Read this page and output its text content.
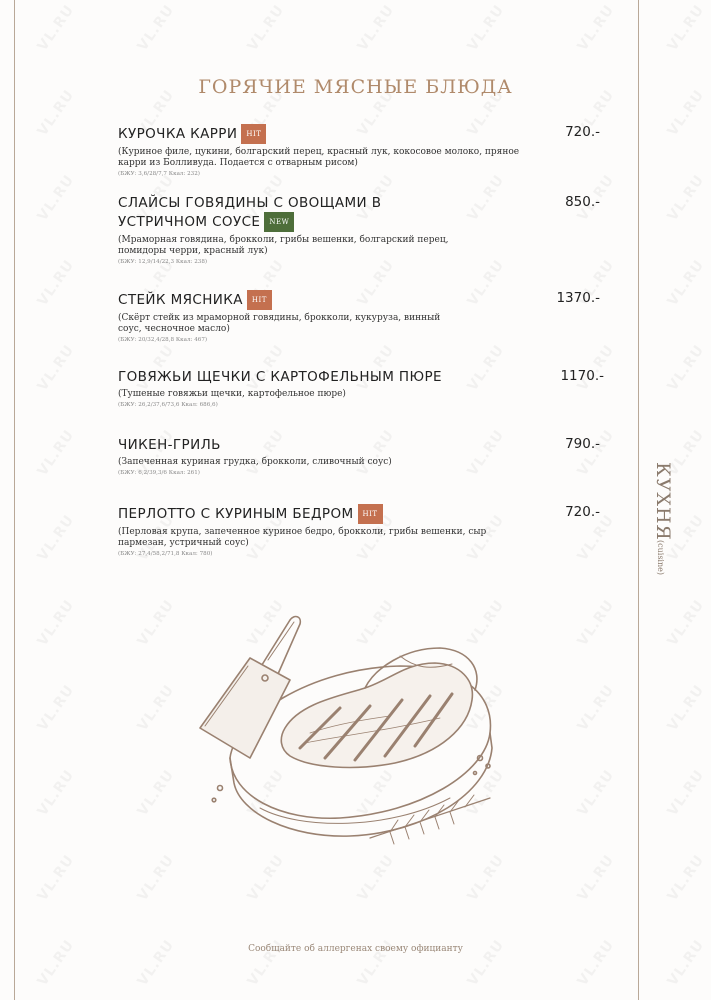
ГОРЯЧИЕ МЯСНЫЕ БЛЮДА
КУРОЧКА КАРРИ HIT	720.-
(Куриное филе, цукини, болгарский перец, красный лук, кокосовое молоко, пряное карри из Болливуда. Подается с отварным рисом)
(БЖУ: 3,6/28/7,7 Ккал: 232)
СЛАЙСЫ ГОВЯДИНЫ С ОВОЩАМИ В УСТРИЧНОМ СОУСЕ NEW
850.-
(Мраморная говядина, брокколи, грибы вешенки, болгарский перец, помидоры черри, красный лук)
(БЖУ: 12,9/14/22,3 Ккал: 238)
СТЕЙК МЯСНИКА HIT	1370.-
(Скёрт стейк из мраморной говядины, брокколи, кукуруза, винный соус, чесночное масло)
(БЖУ: 20/32,4/28,8 Ккал: 467)
ГОВЯЖЬИ ЩЕЧКИ С КАРТОФЕЛЬНЫМ ПЮРЕ	1170.-
(Тушеные говяжьи щечки, картофельное пюре)
(БЖУ: 26,2/37,6/73,6 Ккал: 686,6)
ЧИКЕН-ГРИЛЬ	790.-
(Запеченная куриная грудка, брокколи, сливочный соус)
(БЖУ: 6,2/39,3/6 Ккал: 261)
ПЕРЛОТТО С КУРИНЫМ БЕДРОМ HIT	720.-
(Перловая крупа, запеченное куриное бедро, брокколи, грибы вешенки, сыр пармезан, устричный соус)
(БЖУ: 27,4/58,2/71,8 Ккал: 780)
КУХНЯ
(cuisine)
Сообщайте об аллергенах своему официанту
